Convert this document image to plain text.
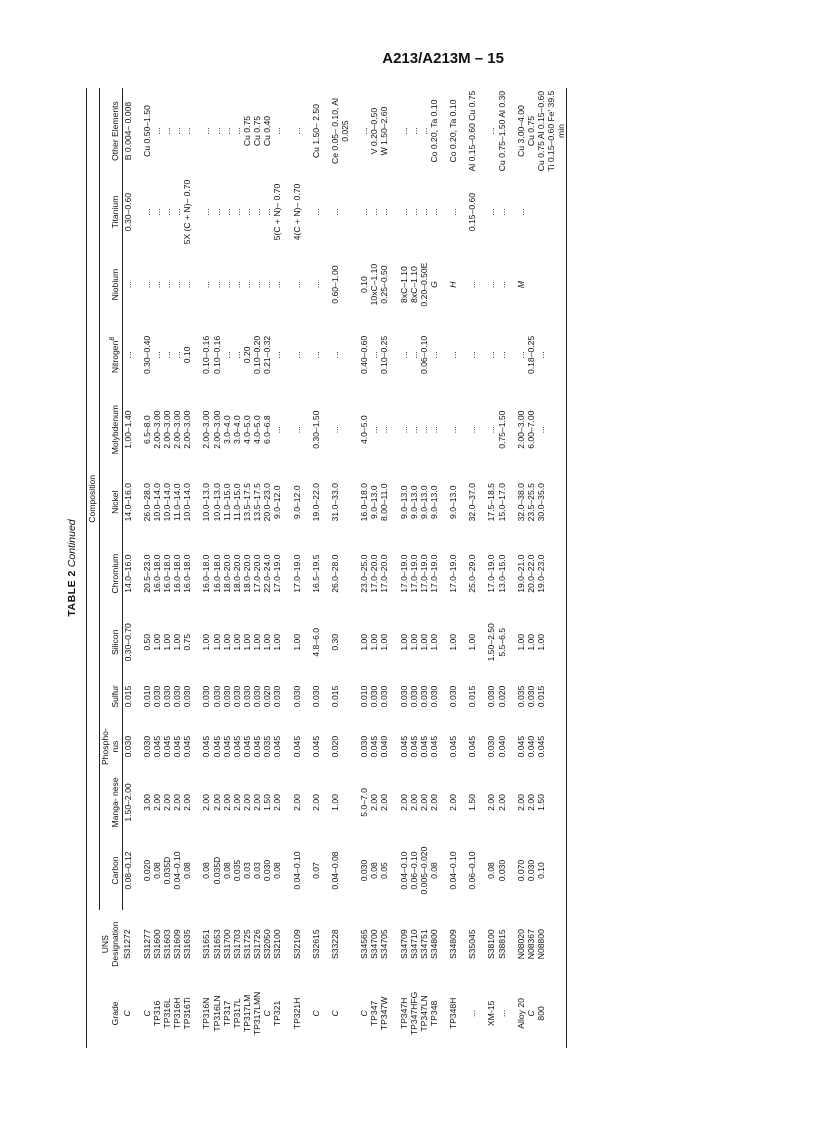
A213/A213M – 15
TABLE 2 Continued
Grade	UNS Designation	Composition											
		Carbon	Manga- nese	Phospho- rus	Sulfur	Silicon	Chromium	Nickel	Molybdenum	Nitrogen$^B$	Niobium	Titanium	Other Elements
C	S31272	0.08–0.12	1.50–2.00	0.030	0.015	0.30–0.70	14.0–16.0	14.0–16.0	1.00–1.40	...	...	0.30–0.60	B 0.004– 0.008
C	S31277	0.020	3.00	0.030	0.010	0.50	20.5–23.0	26.0–28.0	6.5–8.0	0.30–0.40	...	...	Cu 0.50–1.50
TP316	S31600	0.08	2.00	0.045	0.030	1.00	16.0–18.0	10.0–14.0	2.00–3.00	...	...	...	...
TP316L	S31603	0.035D	2.00	0.045	0.030	1.00	16.0–18.0	10.0–14.0	2.00–3.00	...	...	...	...
TP316H	S31609	0.04–0.10	2.00	0.045	0.030	1.00	16.0–18.0	11.0–14.0	2.00–3.00	...	...	...	...
TP316Ti	S31635	0.08	2.00	0.045	0.030	0.75	16.0–18.0	10.0–14.0	2.00–3.00	0.10	...	5X (C + N)– 0.70	...
TP316N	S31651	0.08	2.00	0.045	0.030	1.00	16.0–18.0	10.0–13.0	2.00–3.00	0.10–0.16	...	...	...
TP316LN	S31653	0.035D	2.00	0.045	0.030	1.00	16.0–18.0	10.0–13.0	2.00–3.00	0.10–0.16	...	...	...
TP317	S31700	0.08	2.00	0.045	0.030	1.00	18.0–20.0	11.0–15.0	3.0–4.0	...	...	...	...
TP317L	S31703	0.035	2.00	0.045	0.030	1.00	18.0–20.0	11.0–15.0	3.0–4.0	...	...	...	...
TP317LM	S31725	0.03	2.00	0.045	0.030	1.00	18.0–20.0	13.5–17.5	4.0–5.0	0.20	...	...	Cu 0.75
TP317LMN	S31726	0.03	2.00	0.045	0.030	1.00	17.0–20.0	13.5–17.5	4.0–5.0	0.10–0.20	...	...	Cu 0.75
C	S32050	0.030	1.50	0.035	0.020	1.00	22.0–24.0	20.0–23.0	6.0–6.8	0.21–0.32	...	...	Cu 0.40
TP321	S32100	0.08	2.00	0.045	0.030	1.00	17.0–19.0	9.0–12.0	...	...	...	5(C + N)– 0.70	...
TP321H	S32109	0.04–0.10	2.00	0.045	0.030	1.00	17.0–19.0	9.0–12.0	...	...	...	4(C + N)– 0.70	...
C	S32615	0.07	2.00	0.045	0.030	4.8–6.0	16.5–19.5	19.0–22.0	0.30–1.50	...	...	...	Cu 1.50– 2.50
C	S33228	0.04–0.08	1.00	0.020	0.015	0.30	26.0–28.0	31.0–33.0	...	...	0.60–1.00	...	Ce 0.05– 0.10, Al 0.025
C	S34565	0.030	5.0–7.0	0.030	0.010	1.00	23.0–25.0	16.0–18.0	4.0–5.0	0.40–0.60	0.10	...	...
TP347	S34700	0.08	2.00	0.045	0.030	1.00	17.0–20.0	9.0–13.0	...	...	10xC–1.10	...	V 0.20–0.50
TP347W	S34705	0.05	2.00	0.040	0.030	1.00	17.0–20.0	8.00–11.0	...	0.10–0.25	0.25–0.50	...	W 1.50–2.60
TP347H	S34709	0.04–0.10	2.00	0.045	0.030	1.00	17.0–19.0	9.0–13.0	...	...	8xC–1.10	...	...
TP347HFG	S34710	0.06–0.10	2.00	0.045	0.030	1.00	17.0–19.0	9.0–13.0	...	...	8xC–1.10	...	...
TP347LN	S34751	0.005–0.020	2.00	0.045	0.030	1.00	17.0–19.0	9.0–13.0	...	0.06–0.10	0.20–0.50E	...	...
TP348	S34800	0.08	2.00	0.045	0.030	1.00	17.0–19.0	9.0–13.0	...	...	G	...	Co 0.20, Ta 0.10
TP348H	S34809	0.04–0.10	2.00	0.045	0.030	1.00	17.0–19.0	9.0–13.0	...	...	H	...	Co 0.20, Ta 0.10
...	S35045	0.06–0.10	1.50	0.045	0.015	1.00	25.0–29.0	32.0–37.0	...	...	...	0.15–0.60	Al 0.15–0.60 Cu 0.75
XM-15	S38100	0.08	2.00	0.030	0.030	1.50–2.50	17.0–19.0	17.5–18.5	...	...	...	...	...
...	S38815	0.030	2.00	0.040	0.020	5.5–6.5	13.0–15.0	15.0–17.0	0.75–1.50	...	...	...	Cu 0.75–1.50 Al 0.30
Alloy 20	N08020	0.070	2.00	0.045	0.035	1.00	19.0–21.0	32.0–38.0	2.00–3.00	...	M	...	Cu 3.00–4.00
C	N08367	0.030	2.00	0.040	0.030	1.00	20.0–22.0	23.5–25.5	6.00–7.00	0.18–0.25			Cu 0.75
800	N08800	0.10	1.50	0.045	0.015	1.00	19.0–23.0	30.0–35.0	...	...			Cu 0.75 Al 0.15–0.60 Ti 0.15–0.60 Fe' 39.5 min
